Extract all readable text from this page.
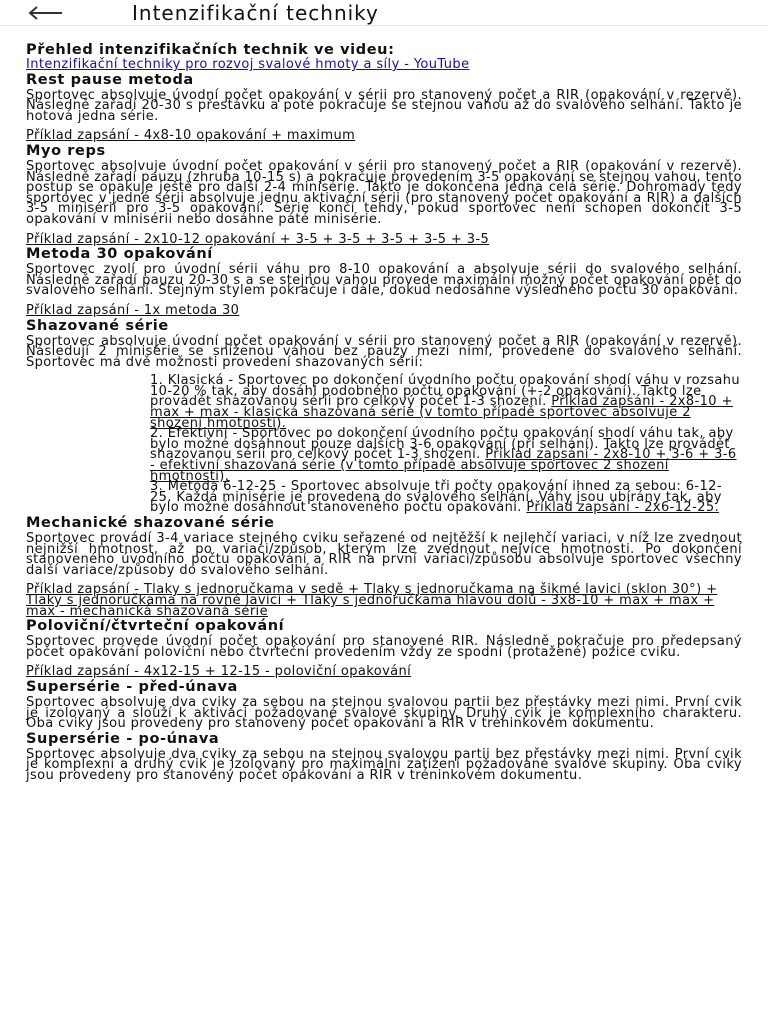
Intenzifikační techniky
Přehled intenzifikačních technik ve videu:
Intenzifikační techniky pro rozvoj svalové hmoty a síly - YouTube
Rest pause metoda

Sportovec absolvuje úvodní počet opakování v sérii pro stanovený počet a RIR (opakování v rezervě). Následně zařadí 20-30 s přestávku a poté pokračuje se stejnou vahou až do svalového selhání. Takto je hotová jedna série.

Příklad zapsání - 4x8-10 opakování + maximum

Myo reps

Sportovec absolvuje úvodní počet opakování v sérii pro stanovený počet a RIR (opakování v rezervě). Následně zařadí pauzu (zhruba 10-15 s) a pokračuje provedením 3-5 opakování se stejnou vahou, tento postup se opakuje ještě pro další 2-4 minisérie. Takto je dokončena jedna celá série. Dohromady tedy sportovec v jedné sérii absolvuje jednu aktivační sérii (pro stanovený počet opakování a RIR) a dalších 3-5 minisérií pro 3-5 opakování. Série končí tehdy, pokud sportovec není schopen dokončit 3-5 opakování v minisérii nebo dosáhne páté minisérie.

Příklad zapsání - 2x10-12 opakování + 3-5 + 3-5 + 3-5 + 3-5 + 3-5

Metoda 30 opakování

Sportovec zvolí pro úvodní sérii váhu pro 8-10 opakování a absolvuje sérii do svalového selhání. Následně zařadí pauzu 20-30 s a se stejnou vahou provede maximální možný počet opakování opět do svalového selhání. Stejným stylem pokračuje i dále, dokud nedosáhne výsledného počtu 30 opakování.

Příklad zapsání - 1x metoda 30

Shazované série

Sportovec absolvuje úvodní počet opakování v sérii pro stanovený počet a RIR (opakování v rezervě). Následují 2 minisérie se sníženou váhou bez pauzy mezi nimi, provedené do svalového selhání. Sportovec má dvě možnosti provedení shazovaných sérií:

1. Klasická - Sportovec po dokončení úvodního počtu opakování shodí váhu v rozsahu 10-20 % tak, aby dosáhl podobného počtu opakování (+-2 opakování). Takto lze provádět shazovanou sérii pro celkový počet 1-3 shození. Příklad zapsání - 2x8-10 + max + max - klasická shazovaná série (v tomto případě sportovec absolvuje 2 shození hmotnosti).
2. Efektivní - Sportovec po dokončení úvodního počtu opakování shodí váhu tak, aby bylo možné dosáhnout pouze dalších 3-6 opakování (při selhání). Takto lze provádět shazovanou sérii pro celkový počet 1-3 shození. Příklad zapsání - 2x8-10 + 3-6 + 3-6 - efektivní shazovaná série (v tomto případě absolvuje sportovec 2 shození hmotnosti).
3. Metoda 6-12-25 - Sportovec absolvuje tři počty opakování ihned za sebou: 6-12-25. Každá minisérie je provedena do svalového selhání. Váhy jsou ubírány tak, aby bylo možné dosáhnout stanoveného počtu opakování. Příklad zapsání - 2x6-12-25.
Mechanické shazované série

Sportovec provádí 3-4 variace stejného cviku seřazené od nejtěžší k nejlehčí variaci, v níž lze zvednout nejnižší hmotnost, až po variaci/způsob, kterým lze zvednout nejvíce hmotnosti. Po dokončení stanoveného úvodního počtu opakování a RIR na první variaci/způsobu absolvuje sportovec všechny další variace/způsoby do svalového selhání.

Příklad zapsání - Tlaky s jednoručkama v sedě + Tlaky s jednoručkama na šikmé lavici (sklon 30°) + Tlaky s jednoručkama na rovné lavici + Tlaky s jednoručkama hlavou dolů - 3x8-10 + max + max + max - mechanická shazovaná série

Poloviční/čtvrteční opakování

Sportovec provede úvodní počet opakování pro stanovené RIR. Následně pokračuje pro předepsaný počet opakování poloviční nebo čtvrteční provedením vždy ze spodní (protažené) pozice cviku.

Příklad zapsání - 4x12-15 + 12-15 - poloviční opakování

Supersérie - před-únava

Sportovec absolvuje dva cviky za sebou na stejnou svalovou partii bez přestávky mezi nimi. První cvik je izolovaný a slouží k aktivaci požadované svalové skupiny. Druhý cvik je komplexního charakteru. Oba cviky jsou provedeny pro stanovený počet opakování a RIR v tréninkovém dokumentu.

Supersérie - po-únava

Sportovec absolvuje dva cviky za sebou na stejnou svalovou partii bez přestávky mezi nimi. První cvik je komplexní a druhý cvik je izolovaný pro maximální zatížení požadované svalové skupiny. Oba cviky jsou provedeny pro stanovený počet opakování a RIR v tréninkovém dokumentu.
